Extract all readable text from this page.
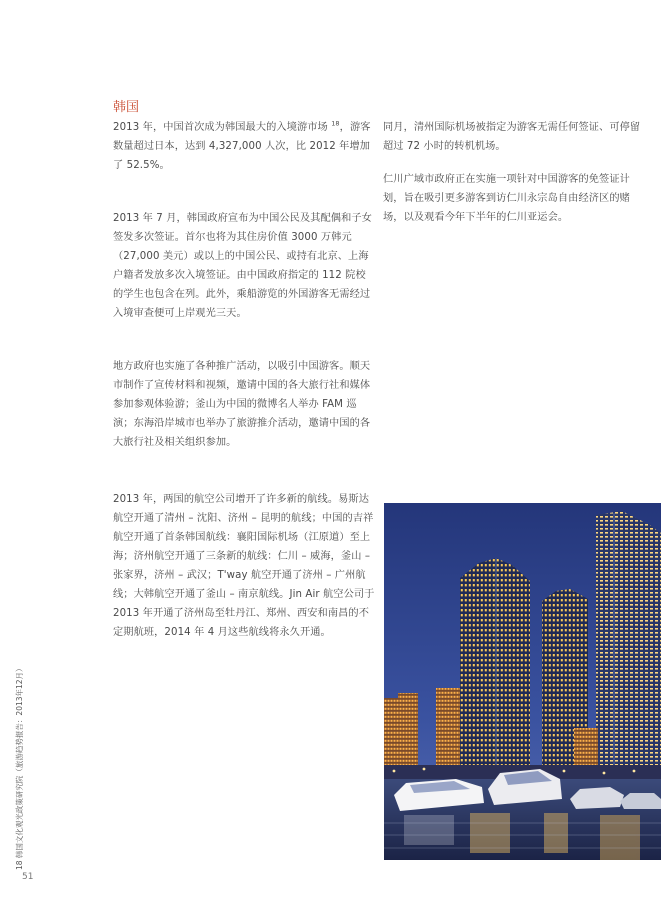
韩国

2013 年，中国首次成为韩国最大的入境游市场 $^{18}$，游客数量超过日本，达到 4,327,000 人次，比 2012 年增加了 52.5%。

2013 年 7 月，韩国政府宣布为中国公民及其配偶和子女签发多次签证。首尔也将为其住房价值 3000 万韩元（27,000 美元）或以上的中国公民、或持有北京、上海户籍者发放多次入境签证。由中国政府指定的 112 院校的学生也包含在列。此外，乘船游览的外国游客无需经过入境审查便可上岸观光三天。

地方政府也实施了各种推广活动，以吸引中国游客。顺天市制作了宣传材料和视频，邀请中国的各大旅行社和媒体参加参观体验游；釜山为中国的微博名人举办 FAM 巡演；东海沿岸城市也举办了旅游推介活动，邀请中国的各大旅行社及相关组织参加。

2013 年，两国的航空公司增开了许多新的航线。易斯达航空开通了清州 – 沈阳、济州 – 昆明的航线；中国的吉祥航空开通了首条韩国航线：襄阳国际机场（江原道）至上海；济州航空开通了三条新的航线：仁川 – 威海，釜山 – 张家界，济州 – 武汉；T'way 航空开通了济州 – 广州航线；大韩航空开通了釜山 – 南京航线。Jin Air 航空公司于 2013 年开通了济州岛至牡丹江、郑州、西安和南昌的不定期航班，2014 年 4 月这些航线将永久开通。

同月，清州国际机场被指定为游客无需任何签证、可停留超过 72 小时的转机机场。

仁川广域市政府正在实施一项针对中国游客的免签证计划，旨在吸引更多游客到访仁川永宗岛自由经济区的赌场，以及观看今年下半年的仁川亚运会。

18 韩国文化观光政策研究院（旅游趋势报告：2013年12月）
51
